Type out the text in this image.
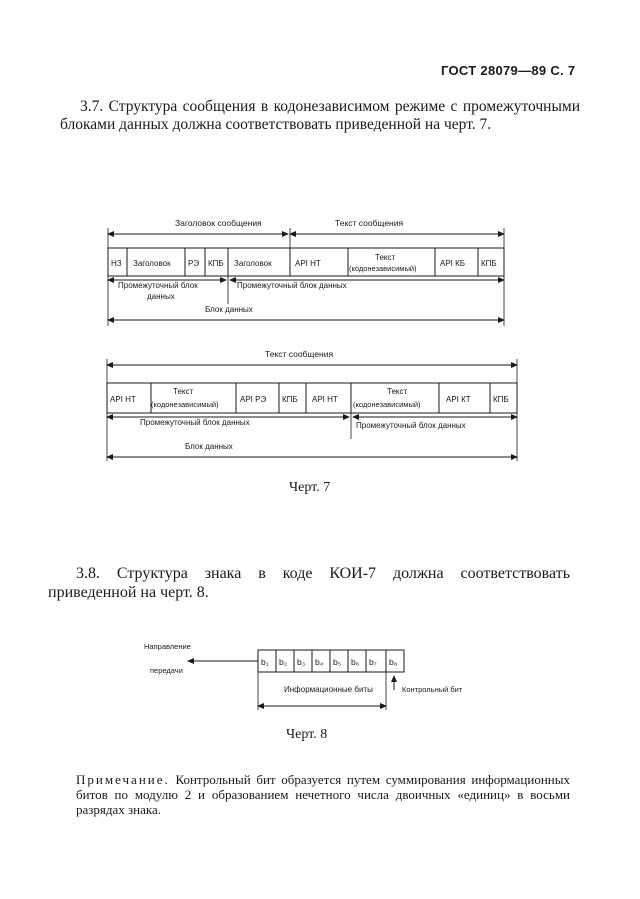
ГОСТ 28079—89 С. 7
3.7. Структура сообщения в кодонезависимом режиме с промежуточными блоками данных должна соответствовать приведенной на черт. 7.
Заголовок сообщения	Текст сообщения
НЗ Заголовок РЭ КПБ Заголовок	АРI НТ
Текст
(кодонезависимый)
АРI КБ КПБ
Промежуточный блок
данных
Промежуточный блок данных
Блок данных
Текст сообщения
АРI НТ
Текст
(кодонезависимый)
АРI РЭ КПБ АРI НТ
Текст
(кодонезависимый)
АРI КТ	КПБ
Промежуточный блок данных	Промежуточный блок данных
Блок данных
Черт. 7
3.8. Структура знака в коде КОИ-7 должна соответствовать приведенной на черт. 8.
Направление
передачи
b₁ b₂ b₃ b₄ b₅ b₆ b₇ b₈
Информационные биты	Контрольный бит
Черт. 8
Примечание. Контрольный бит образуется путем суммирования информационных битов по модулю 2 и образованием нечетного числа двоичных «единиц» в восьми разрядах знака.
